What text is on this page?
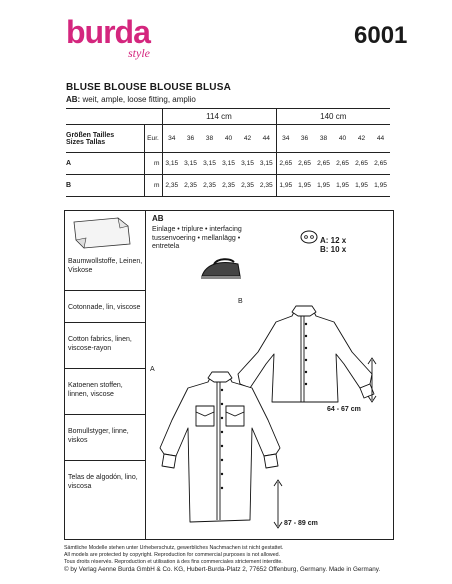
burda
style
6001
BLUSE BLOUSE BLOUSE BLUSA
AB: weit, ample, loose fitting, amplio
		114 cm						140 cm					
Größen Tailles
Sizes Tallas	Eur.	34	36	38	40	42	44	34	36	38	40	42	44
A	m	3,15	3,15	3,15	3,15	3,15	3,15	2,65	2,65	2,65	2,65	2,65	2,65
B	m	2,35	2,35	2,35	2,35	2,35	2,35	1,95	1,95	1,95	1,95	1,95	1,95
Baumwollstoffe, Leinen, Viskose
Cotonnade, lin, viscose
Cotton fabrics, linen, viscose-rayon
Katoenen stoffen, linnen, viscose
Bomullstyger, linne, viskos
Telas de algodón, lino, viscosa
AB
Einlage • triplure • interfacing
tussenvoering • mellanlägg •
entretela
A: 12 x
B: 10 x
B
A
64 - 67 cm
87 - 89 cm
Sämtliche Modelle stehen unter Urheberschutz, gewerbliches Nachmachen ist nicht gestattet.
All models are protected by copyright. Reproduction for commercial purposes is not allowed.
Tous droits réservés. Reproduction et utilisation à des fins commerciales strictement interdite.
© by Verlag Aenne Burda GmbH & Co. KG, Hubert-Burda-Platz 2, 77652 Offenburg, Germany. Made in Germany.
